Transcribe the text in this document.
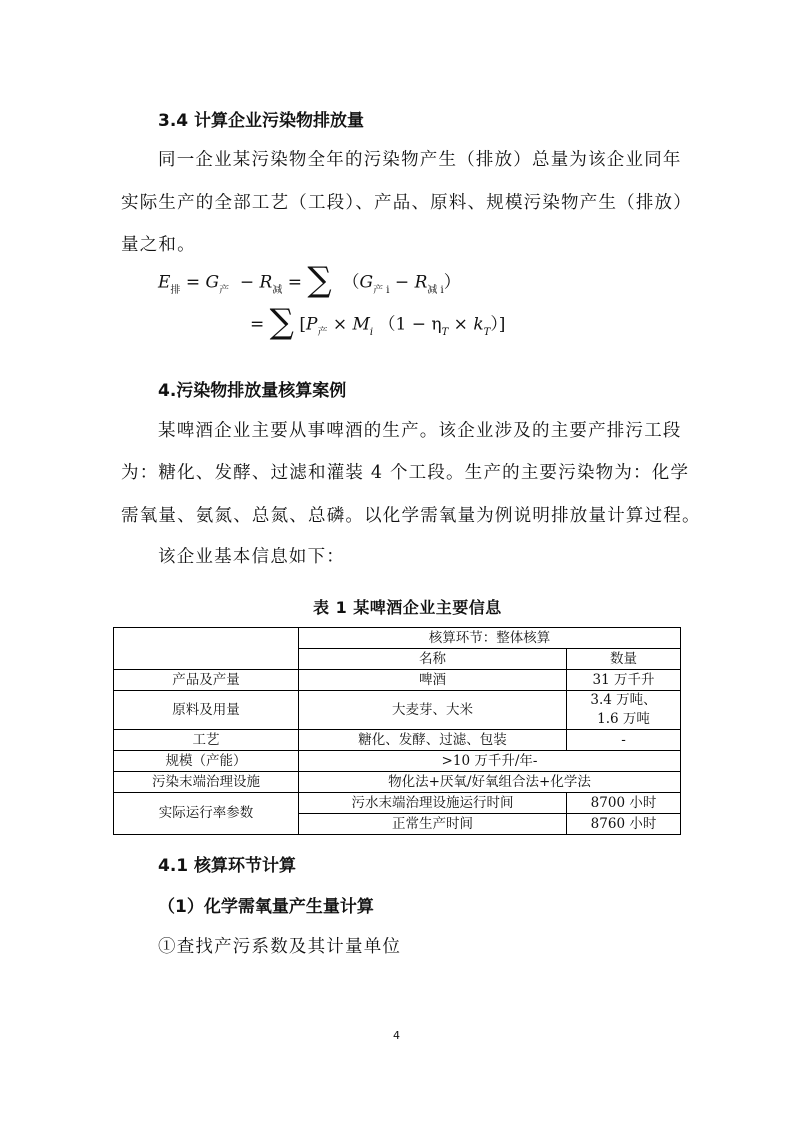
3.4 计算企业污染物排放量
同一企业某污染物全年的污染物产生（排放）总量为该企业同年
实际生产的全部工艺（工段）、产品、原料、规模污染物产生（排放）
量之和。
$E_排 = G_产 - R_减$ = ∑  $(G_{产 i} - R_{减 i})$
= ∑ [$P_产 \times M_i$ $(1 - \eta_T \times k_T)$]
4.污染物排放量核算案例
某啤酒企业主要从事啤酒的生产。该企业涉及的主要产排污工段
为：糖化、发酵、过滤和灌装 4 个工段。生产的主要污染物为：化学
需氧量、氨氮、总氮、总磷。以化学需氧量为例说明排放量计算过程。
该企业基本信息如下：
表 1 某啤酒企业主要信息
	核算环节：整体核算	
	名称	数量
产品及产量	啤酒	31 万千升
原料及用量	大麦芽、大米	3.4 万吨、
1.6 万吨

工艺	糖化、发酵、过滤、包装	-
规模（产能）	>10 万千升/年-	
污染末端治理设施	物化法+厌氧/好氧组合法+化学法	
实际运行率参数	污水末端治理设施运行时间	8700 小时
	正常生产时间	8760 小时
4.1 核算环节计算
（1）化学需氧量产生量计算
①查找产污系数及其计量单位
4
